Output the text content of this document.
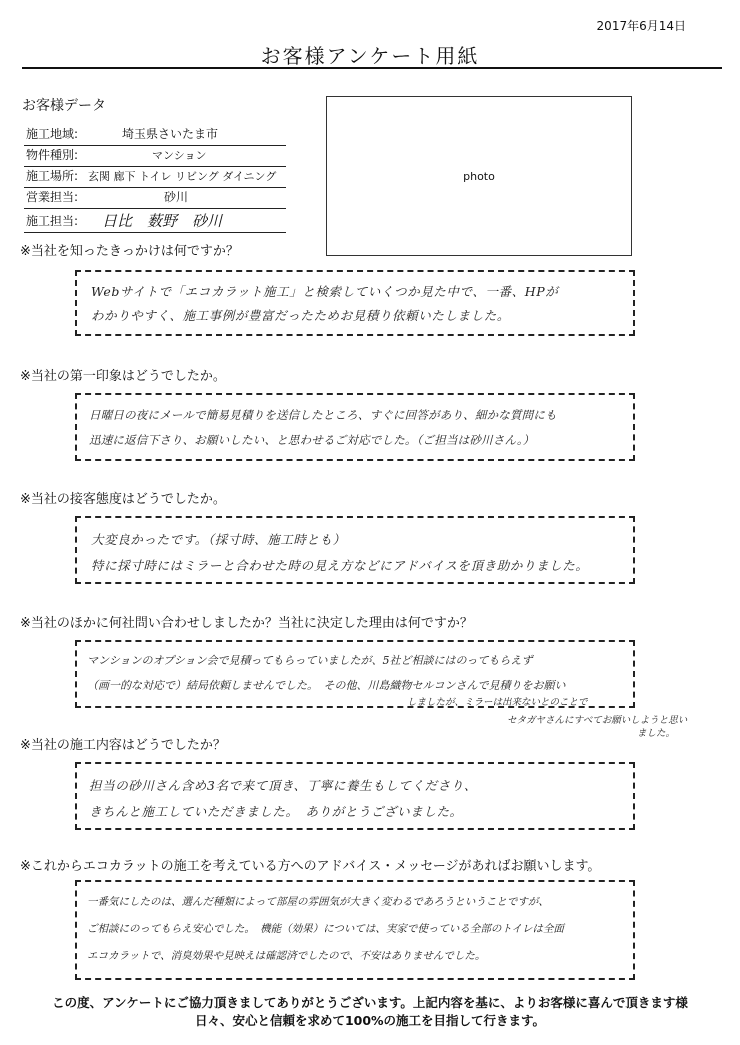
2017年6月14日
お客様アンケート用紙
お客様データ
施工地域:	埼玉県さいたま市
物件種別:	マンション
施工場所: 玄関 廊下 トイレ リビング ダイニング
営業担当:	砂川
施工担当: 日比　薮野　砂川
photo
※当社を知ったきっかけは何ですか？
Webサイトで「エコカラット施工」と検索していくつか見た中で、一番、HPが
わかりやすく、施工事例が豊富だったためお見積り依頼いたしました。
※当社の第一印象はどうでしたか。
日曜日の夜にメールで簡易見積りを送信したところ、すぐに回答があり、細かな質問にも
迅速に返信下さり、お願いしたい、と思わせるご対応でした。（ご担当は砂川さん。）
※当社の接客態度はどうでしたか。
大変良かったです。（採寸時、施工時とも）
特に採寸時にはミラーと合わせた時の見え方などにアドバイスを頂き助かりました。
※当社のほかに何社問い合わせしましたか？当社に決定した理由は何ですか？
マンションのオプション会で見積ってもらっていましたが、5社ど相談にはのってもらえず
（画一的な対応で）結局依頼しませんでした。　その他、川島織物セルコンさんで見積りをお願い
しましたが、ミラーは出来ないとのことで
セタガヤさんにすべてお願いしようと思い
ました。
※当社の施工内容はどうでしたか？
担当の砂川さん含め3名で来て頂き、丁寧に養生もしてくださり、
きちんと施工していただきました。　ありがとうございました。
※これからエコカラットの施工を考えている方へのアドバイス・メッセージがあればお願いします。
一番気にしたのは、選んだ種類によって部屋の雰囲気が大きく変わるであろうということですが、
ご相談にのってもらえ安心でした。　機能（効果）については、実家で使っている全部のトイレは全面
エコカラットで、消臭効果や見映えは確認済でしたので、不安はありませんでした。
この度、アンケートにご協力頂きましてありがとうございます。上記内容を基に、よりお客様に喜んで頂きます様
日々、安心と信頼を求めて100%の施工を目指して行きます。
